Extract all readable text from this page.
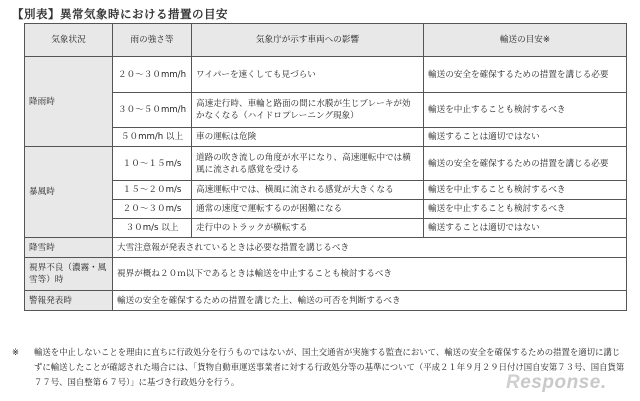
【別表】異常気象時における措置の目安
気象状況	雨の強さ等	気象庁が示す車両への影響	輸送の目安※
降雨時	２０～３０mm/h	ワイパーを速くしても見づらい	輸送の安全を確保するための措置を講じる必要
	３０～５０mm/h	高速走行時、車輪と路面の間に水膜が生じブレーキが効かなくなる（ハイドロプレーニング現象）	輸送を中止することも検討するべき
	５０mm/h 以上	車の運転は危険	輸送することは適切ではない
暴風時	１０～１５m/s	道路の吹き流しの角度が水平になり、高速運転中では横風に流される感覚を受ける	輸送の安全を確保するための措置を講じる必要
	１５～２０m/s	高速運転中では、横風に流される感覚が大きくなる	輸送を中止することも検討するべき
	２０～３０m/s	通常の速度で運転するのが困難になる	輸送を中止することも検討するべき
	３０m/s 以上	走行中のトラックが横転する	輸送することは適切ではない
降雪時	大雪注意報が発表されているときは必要な措置を講じるべき		
視界不良（濃霧・風雪等）時	視界が概ね２０ｍ以下であるときは輸送を中止することも検討するべき		
警報発表時	輸送の安全を確保するための措置を講じた上、輸送の可否を判断するべき		
※	輸送を中止しないことを理由に直ちに行政処分を行うものではないが、国土交通省が実施する監査において、輸送の安全を確保するための措置を適切に講じずに輸送したことが確認された場合には、「貨物自動車運送事業者に対する行政処分等の基準について（平成２１年９月２９日付け国自安第７３号、国自貨第７７号、国自整第６７号）」に基づき行政処分を行う。	Response.
